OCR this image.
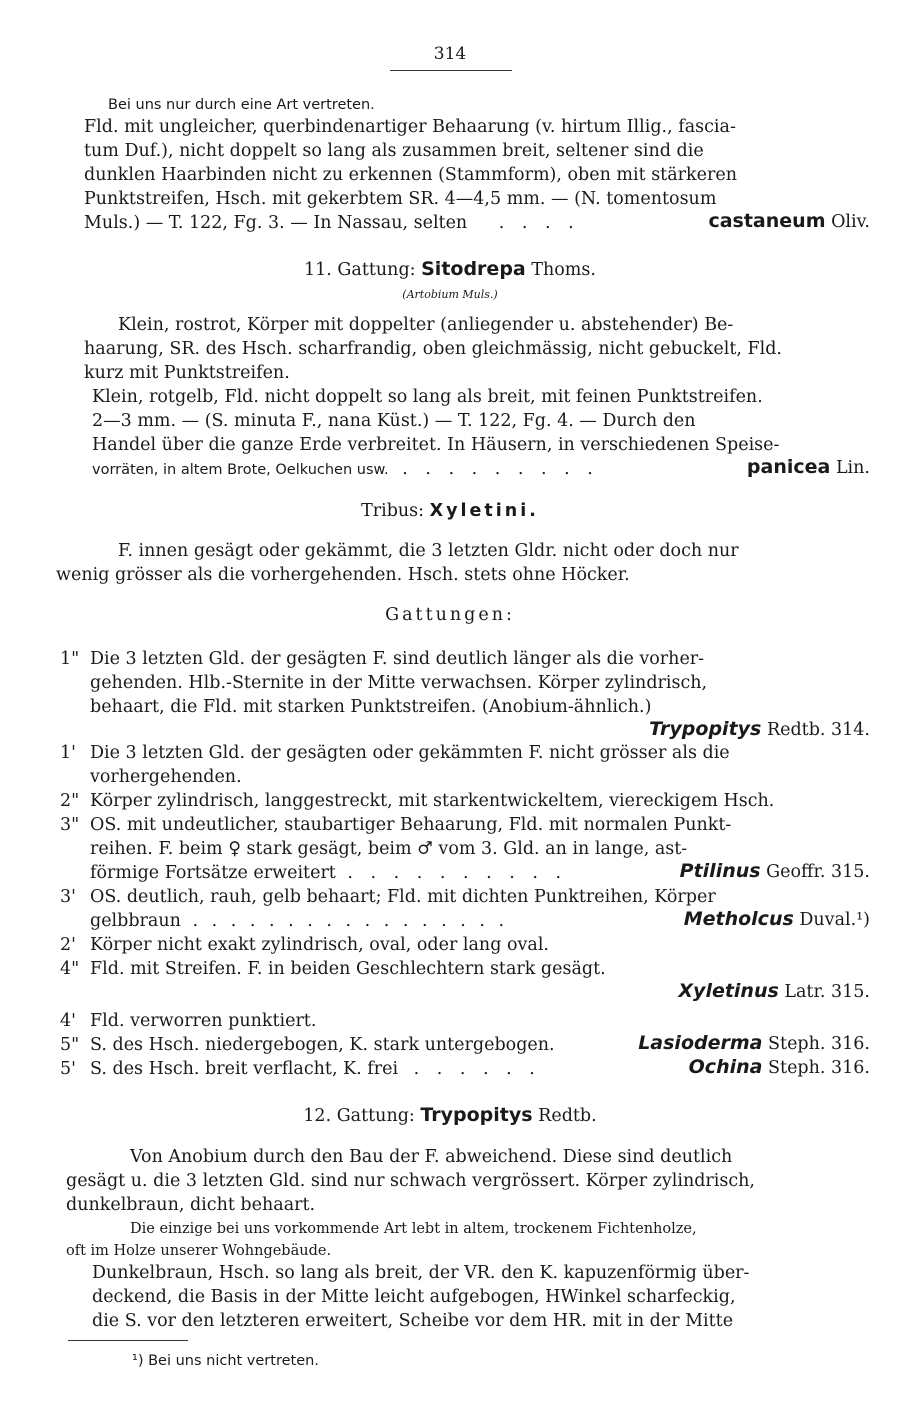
314
Bei uns nur durch eine Art vertreten.
Fld. mit ungleicher, querbindenartiger Behaarung (v. hirtum Illig., fascia-
tum Duf.), nicht doppelt so lang als zusammen breit, seltener sind die
dunklen Haarbinden nicht zu erkennen (Stammform), oben mit stärkeren
Punktstreifen, Hsch. mit gekerbtem SR. 4—4,5 mm. — (N. tomentosum
Muls.) — T. 122, Fg. 3. — In Nassau, selten . . . .	castaneum Oliv.
11. Gattung: Sitodrepa Thoms.
(Artobium Muls.)
Klein, rostrot, Körper mit doppelter (anliegender u. abstehender) Be-
haarung, SR. des Hsch. scharfrandig, oben gleichmässig, nicht gebuckelt, Fld.
kurz mit Punktstreifen.
Klein, rotgelb, Fld. nicht doppelt so lang als breit, mit feinen Punktstreifen.
2—3 mm. — (S. minuta F., nana Küst.) — T. 122, Fg. 4. — Durch den
Handel über die ganze Erde verbreitet. In Häusern, in verschiedenen Speise-
vorräten, in altem Brote, Oelkuchen usw. . . . . . . . . .	panicea Lin.
Tribus: Xyletini.
F. innen gesägt oder gekämmt, die 3 letzten Gldr. nicht oder doch nur
wenig grösser als die vorhergehenden. Hsch. stets ohne Höcker.
Gattungen:
1" Die 3 letzten Gld. der gesägten F. sind deutlich länger als die vorher-
gehenden. Hlb.-Sternite in der Mitte verwachsen. Körper zylindrisch,
behaart, die Fld. mit starken Punktstreifen. (Anobium-ähnlich.)
Trypopitys Redtb. 314.
1' Die 3 letzten Gld. der gesägten oder gekämmten F. nicht grösser als die
vorhergehenden.
2" Körper zylindrisch, langgestreckt, mit starkentwickeltem, viereckigem Hsch.
3" OS. mit undeutlicher, staubartiger Behaarung, Fld. mit normalen Punkt-
reihen. F. beim ♀ stark gesägt, beim ♂ vom 3. Gld. an in lange, ast-
förmige Fortsätze erweitert . . . . . . . . . .	Ptilinus Geoffr. 315.
3' OS. deutlich, rauh, gelb behaart; Fld. mit dichten Punktreihen, Körper
gelbbraun . . . . . . . . . . . . . . . . .	Metholcus Duval.¹)
2' Körper nicht exakt zylindrisch, oval, oder lang oval.
4" Fld. mit Streifen. F. in beiden Geschlechtern stark gesägt.
Xyletinus Latr. 315.
4' Fld. verworren punktiert.
5" S. des Hsch. niedergebogen, K. stark untergebogen.	Lasioderma Steph. 316.
5' S. des Hsch. breit verflacht, K. frei . . . . . .	Ochina Steph. 316.
12. Gattung: Trypopitys Redtb.
Von Anobium durch den Bau der F. abweichend. Diese sind deutlich
gesägt u. die 3 letzten Gld. sind nur schwach vergrössert. Körper zylindrisch,
dunkelbraun, dicht behaart.
Die einzige bei uns vorkommende Art lebt in altem, trockenem Fichtenholze,
oft im Holze unserer Wohngebäude.
Dunkelbraun, Hsch. so lang als breit, der VR. den K. kapuzenförmig über-
deckend, die Basis in der Mitte leicht aufgebogen, HWinkel scharfeckig,
die S. vor den letzteren erweitert, Scheibe vor dem HR. mit in der Mitte
¹) Bei uns nicht vertreten.
